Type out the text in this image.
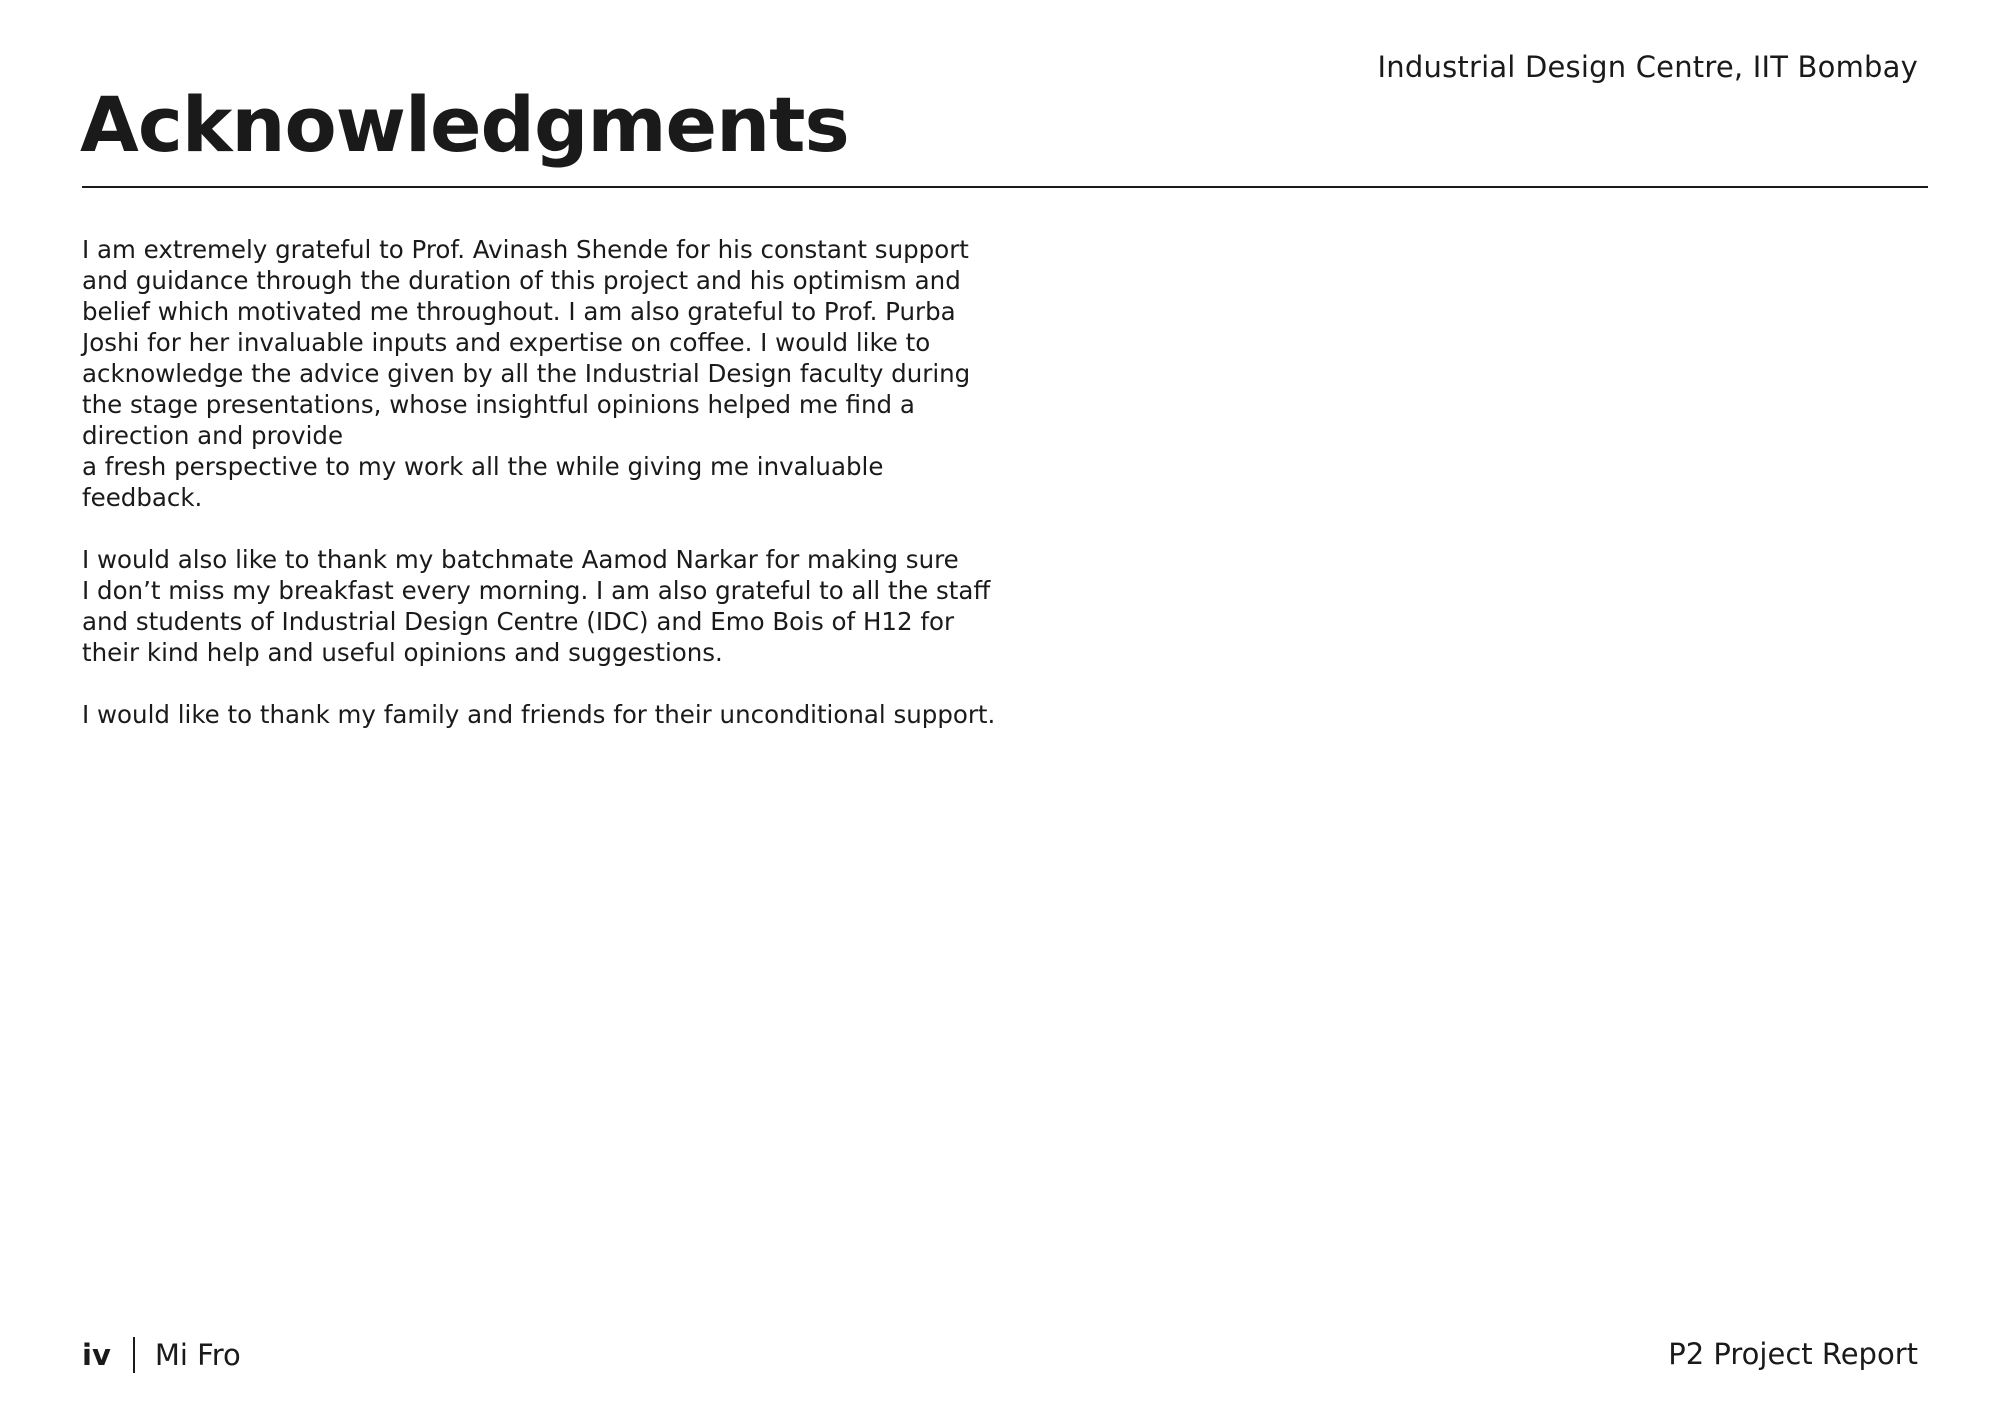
Industrial Design Centre, IIT Bombay
Acknowledgments

I am extremely grateful to Prof. Avinash Shende for his constant support
and guidance through the duration of this project and his optimism and
belief which motivated me throughout. I am also grateful to Prof. Purba
Joshi for her invaluable inputs and expertise on coffee. I would like to
acknowledge the advice given by all the Industrial Design faculty during
the stage presentations, whose insightful opinions helped me find a
direction and provide
a fresh perspective to my work all the while giving me invaluable
feedback.

I would also like to thank my batchmate Aamod Narkar for making sure
I don’t miss my breakfast every morning. I am also grateful to all the staff
and students of Industrial Design Centre (IDC) and Emo Bois of H12 for
their kind help and useful opinions and suggestions.

I would like to thank my family and friends for their unconditional support.

iv Mi Fro	P2 Project Report
